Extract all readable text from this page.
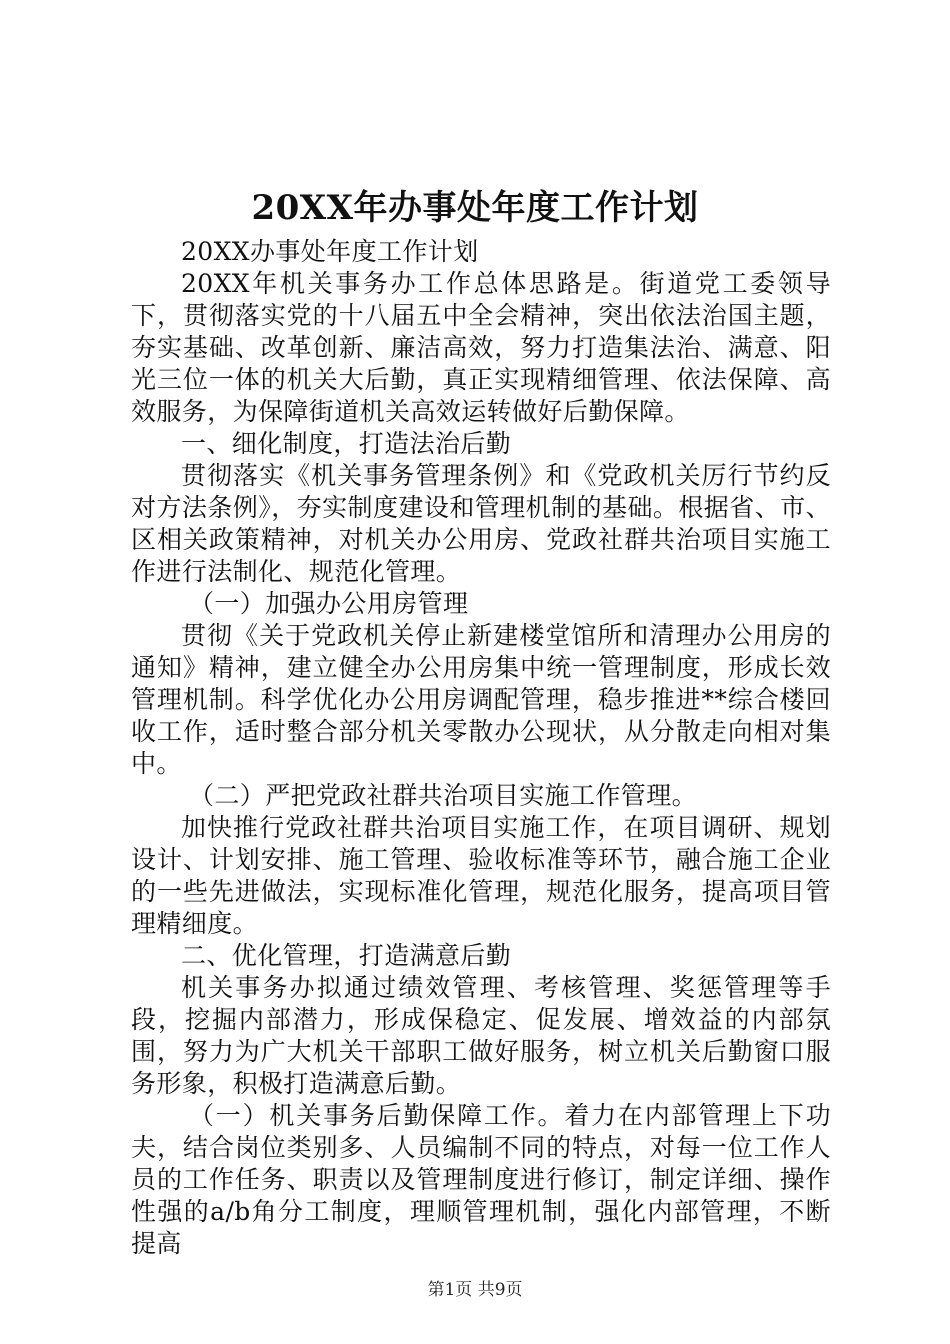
20XX年办事处年度工作计划

20XX办事处年度工作计划

20XX年机关事务办工作总体思路是。街道党工委领导下，贯彻落实党的十八届五中全会精神，突出依法治国主题，夯实基础、改革创新、廉洁高效，努力打造集法治、满意、阳光三位一体的机关大后勤，真正实现精细管理、依法保障、高效服务，为保障街道机关高效运转做好后勤保障。

一、细化制度，打造法治后勤

贯彻落实《机关事务管理条例》和《党政机关厉行节约反对方法条例》，夯实制度建设和管理机制的基础。根据省、市、区相关政策精神，对机关办公用房、党政社群共治项目实施工作进行法制化、规范化管理。

（一）加强办公用房管理

贯彻《关于党政机关停止新建楼堂馆所和清理办公用房的通知》精神，建立健全办公用房集中统一管理制度，形成长效管理机制。科学优化办公用房调配管理，稳步推进**综合楼回收工作，适时整合部分机关零散办公现状，从分散走向相对集中。

（二）严把党政社群共治项目实施工作管理。

加快推行党政社群共治项目实施工作，在项目调研、规划设计、计划安排、施工管理、验收标准等环节，融合施工企业的一些先进做法，实现标准化管理，规范化服务，提高项目管理精细度。

二、优化管理，打造满意后勤

机关事务办拟通过绩效管理、考核管理、奖惩管理等手段，挖掘内部潜力，形成保稳定、促发展、增效益的内部氛围，努力为广大机关干部职工做好服务，树立机关后勤窗口服务形象，积极打造满意后勤。

（一）机关事务后勤保障工作。着力在内部管理上下功夫，结合岗位类别多、人员编制不同的特点，对每一位工作人员的工作任务、职责以及管理制度进行修订，制定详细、操作性强的a/b角分工制度，理顺管理机制，强化内部管理，不断提高

第1页 共9页
